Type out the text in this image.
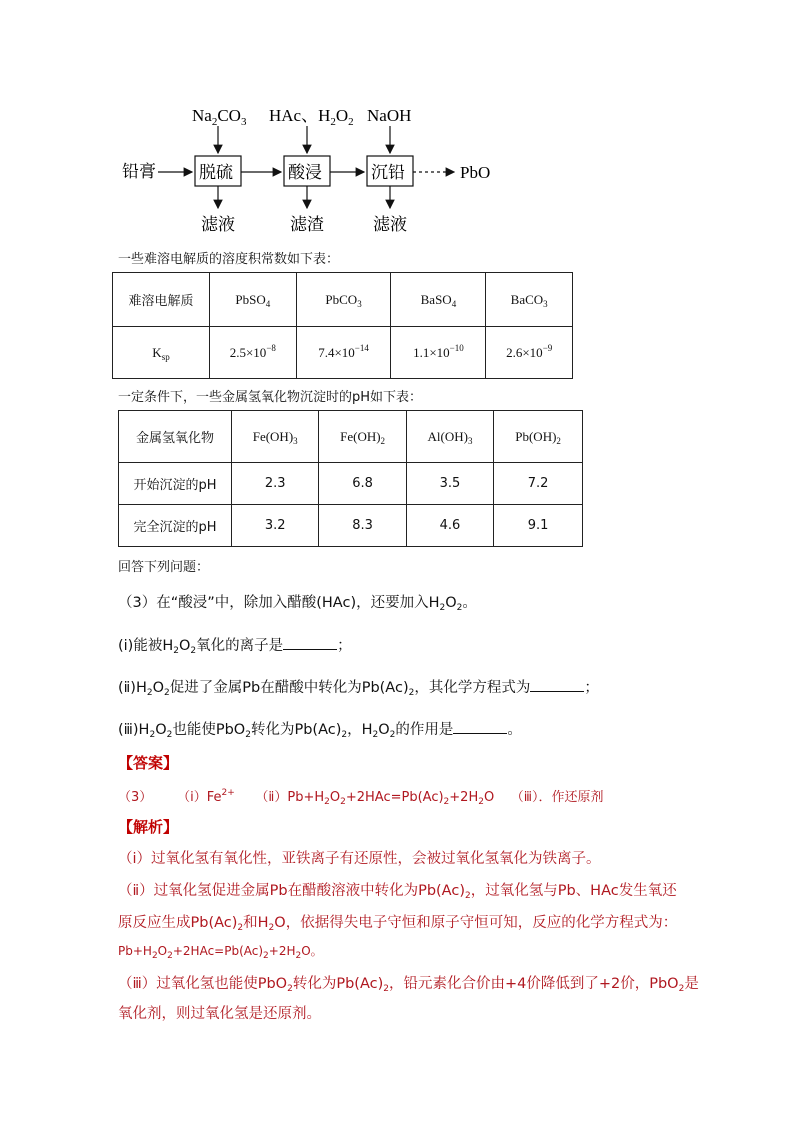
铅膏	脱硫	酸浸	沉铅	PbO
$Na_2CO_3$ HAc、$H_2O_2$ NaOH
滤液	滤渣	滤液
一些难溶电解质的溶度积常数如下表：
难溶电解质	PbSO$_4$	PbCO$_3$	BaSO$_4$	BaCO$_3$
$K_{sp}$	$2.5\times 10^{-8}$	$7.4\times 10^{-14}$	$1.1\times 10^{-10}$	$2.6\times 10^{-9}$
一定条件下，一些金属氢氧化物沉淀时的pH如下表：
金属氢氧化物	$Fe(OH)_3$	$Fe(OH)_2$	$Al(OH)_3$	$Pb(OH)_2$
开始沉淀的pH	2.3	6.8	3.5	7.2
完全沉淀的pH	3.2	8.3	4.6	9.1
回答下列问题：
（3）在“酸浸”中，除加入醋酸(HAc)，还要加入$H_2O_2$。
(ⅰ)能被$H_2O_2$氧化的离子是	；
$(ⅱ)H_2O_2$促进了金属Pb在醋酸中转化为$Pb(Ac)_2$，其化学方程式为	；
$(ⅲ)H_2O_2$也能使PbO$_2$转化为$Pb(Ac)_2$，$H_2O_2$的作用是	。
【答案】
（3） $(ⅰ)Fe^{2+}$ $(ⅱ)Pb+H_2O_2+2HAc=Pb(Ac)_2+2H_2O$ （ⅲ）．作还原剂
【解析】
（ⅰ）过氧化氢有氧化性，亚铁离子有还原性，会被过氧化氢氧化为铁离子。
（ⅱ）过氧化氢促进金属Pb在醋酸溶液中转化为$Pb(Ac)_2$，过氧化氢与Pb、HAc发生氧还
原反应生成$Pb(Ac)_2$和$H_2O$，依据得失电子守恒和原子守恒可知，反应的化学方程式为：
$Pb+H_2O_2+2HAc=Pb(Ac)_2+2H_2O$。
（ⅲ）过氧化氢也能使PbO$_2$转化为$Pb(Ac)_2$，铅元素化合价由+4价降低到了+2价，PbO$_2$是
氧化剂，则过氧化氢是还原剂。
